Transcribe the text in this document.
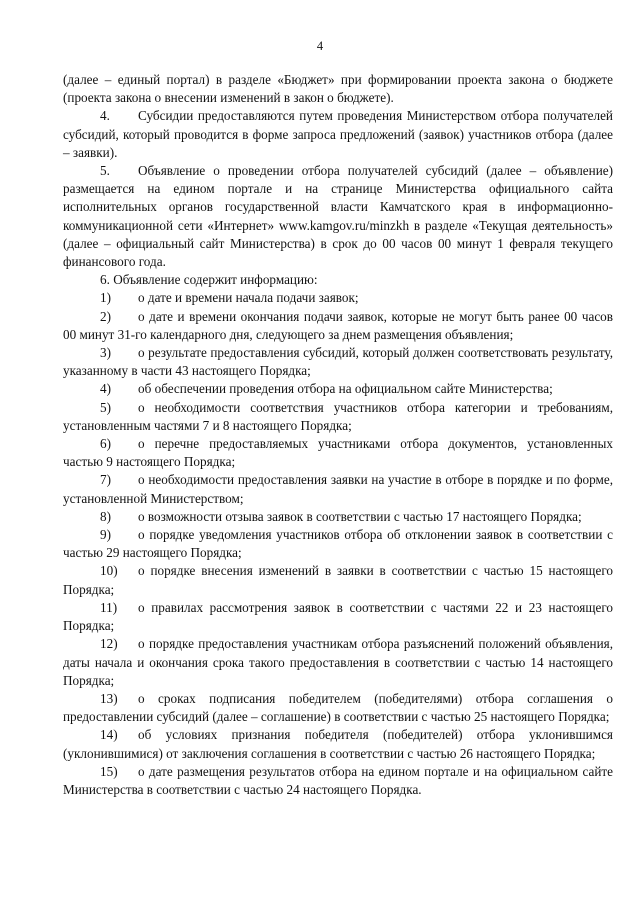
4

(далее – единый портал) в разделе «Бюджет» при формировании проекта закона о бюджете (проекта закона о внесении изменений в закон о бюджете).

4. Субсидии предоставляются путем проведения Министерством отбора получателей субсидий, который проводится в форме запроса предложений (заявок) участников отбора (далее – заявки).

5. Объявление о проведении отбора получателей субсидий (далее – объявление) размещается на едином портале и на странице Министерства официального сайта исполнительных органов государственной власти Камчатского края в информационно-коммуникационной сети «Интернет» www.kamgov.ru/minzkh в разделе «Текущая деятельность» (далее – официальный сайт Министерства) в срок до 00 часов 00 минут 1 февраля текущего финансового года.

6. Объявление содержит информацию:

1) о дате и времени начала подачи заявок;

2) о дате и времени окончания подачи заявок, которые не могут быть ранее 00 часов 00 минут 31-го календарного дня, следующего за днем размещения объявления;

3) о результате предоставления субсидий, который должен соответствовать результату, указанному в части 43 настоящего Порядка;

4) об обеспечении проведения отбора на официальном сайте Министерства;

5) о необходимости соответствия участников отбора категории и требованиям, установленным частями 7 и 8 настоящего Порядка;

6) о перечне предоставляемых участниками отбора документов, установленных частью 9 настоящего Порядка;

7) о необходимости предоставления заявки на участие в отборе в порядке и по форме, установленной Министерством;

8) о возможности отзыва заявок в соответствии с частью 17 настоящего Порядка;

9) о порядке уведомления участников отбора об отклонении заявок в соответствии с частью 29 настоящего Порядка;

10) о порядке внесения изменений в заявки в соответствии с частью 15 настоящего Порядка;

11) о правилах рассмотрения заявок в соответствии с частями 22 и 23 настоящего Порядка;

12) о порядке предоставления участникам отбора разъяснений положений объявления, даты начала и окончания срока такого предоставления в соответствии с частью 14 настоящего Порядка;

13) о сроках подписания победителем (победителями) отбора соглашения о предоставлении субсидий (далее – соглашение) в соответствии с частью 25 настоящего Порядка;

14) об условиях признания победителя (победителей) отбора уклонившимся (уклонившимися) от заключения соглашения в соответствии с частью 26 настоящего Порядка;

15) о дате размещения результатов отбора на едином портале и на официальном сайте Министерства в соответствии с частью 24 настоящего Порядка.
